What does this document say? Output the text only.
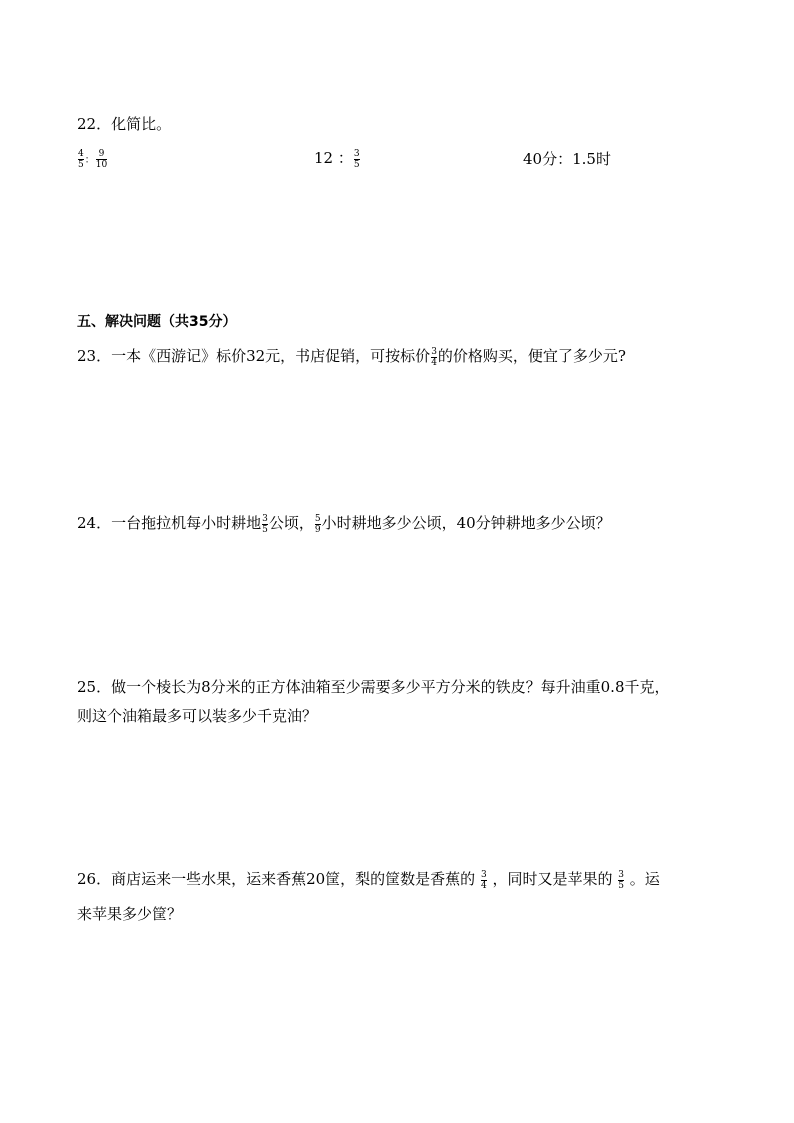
22．化简比。
$\frac{4}{5}$ ： $\frac{9}{10}$	12 ： $\frac{3}{5}$	40分：1.5时
五、解决问题（共35分）
23．一本《西游记》标价32元，书店促销，可按标价 $\frac{3}{4}$ 的价格购买，便宜了多少元?
24．一台拖拉机每小时耕地 $\frac{3}{5}$ 公顷， $\frac{5}{9}$ 小时耕地多少公顷，40分钟耕地多少公顷？
25．做一个棱长为8分米的正方体油箱至少需要多少平方分米的铁皮？每升油重0.8千克，
则这个油箱最多可以装多少千克油？
26．商店运来一些水果，运来香蕉20筐，梨的筐数是香蕉的 $\frac{3}{4}$ ，同时又是苹果的 $\frac{3}{5}$ 。运
来苹果多少筐？
